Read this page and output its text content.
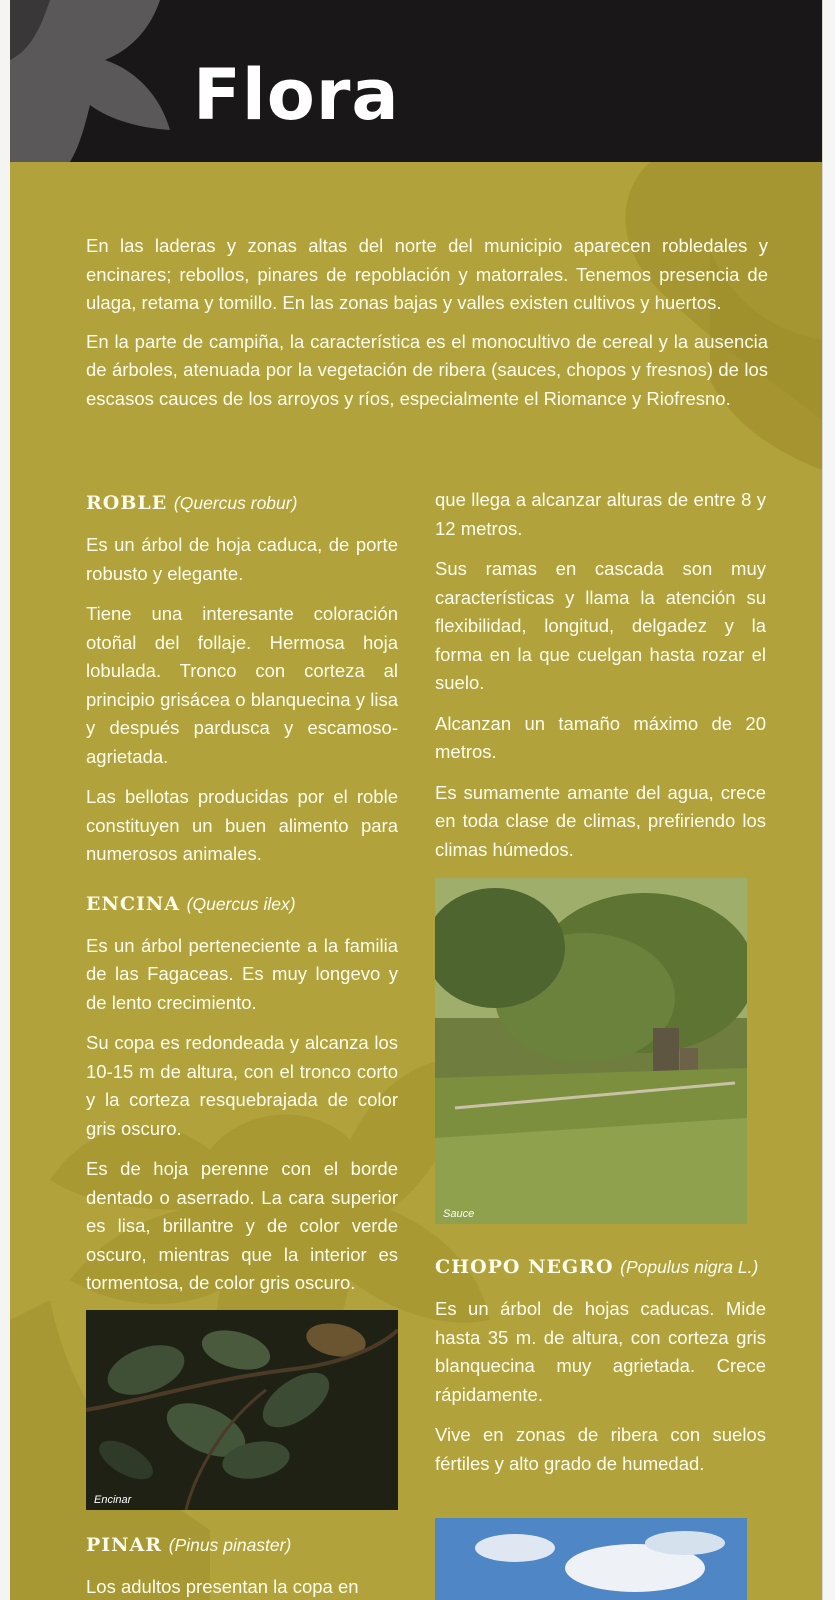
Flora

En las laderas y zonas altas del norte del municipio aparecen robledales y encinares; rebollos, pinares de repoblación y matorrales. Tenemos presencia de ulaga, retama y tomillo. En las zonas bajas y valles existen cultivos y huertos.

En la parte de campiña, la característica es el monocultivo de cereal y la ausencia de árboles, atenuada por la vegetación de ribera (sauces, chopos y fresnos) de los escasos cauces de los arroyos y ríos, especialmente el Riomance y Riofresno.

ROBLE (Quercus robur)

Es un árbol de hoja caduca, de porte robusto y elegante.

Tiene una interesante coloración otoñal del follaje. Hermosa hoja lobulada. Tronco con corteza al principio grisácea o blanquecina y lisa y después pardusca y escamoso-agrietada.

Las bellotas producidas por el roble constituyen un buen alimento para numerosos animales.

ENCINA (Quercus ilex)

Es un árbol perteneciente a la familia de las Fagaceas. Es muy longevo y de lento crecimiento.

Su copa es redondeada y alcanza los 10-15 m de altura, con el tronco corto y la corteza resquebrajada de color gris oscuro.

Es de hoja perenne con el borde dentado o aserrado. La cara superior es lisa, brillantre y de color verde oscuro, mientras que la interior es tormentosa, de color gris oscuro.

Encinar
PINAR (Pinus pinaster)

Los adultos presentan la copa en

que llega a alcanzar alturas de entre 8 y 12 metros.

Sus ramas en cascada son muy características y llama la atención su flexibilidad, longitud, delgadez y la forma en la que cuelgan hasta rozar el suelo.

Alcanzan un tamaño máximo de 20 metros.

Es sumamente amante del agua, crece en toda clase de climas, prefiriendo los climas húmedos.

Sauce
CHOPO NEGRO (Populus nigra L.)

Es un árbol de hojas caducas. Mide hasta 35 m. de altura, con corteza gris blanquecina muy agrietada. Crece rápidamente.

Vive en zonas de ribera con suelos fértiles y alto grado de humedad.
